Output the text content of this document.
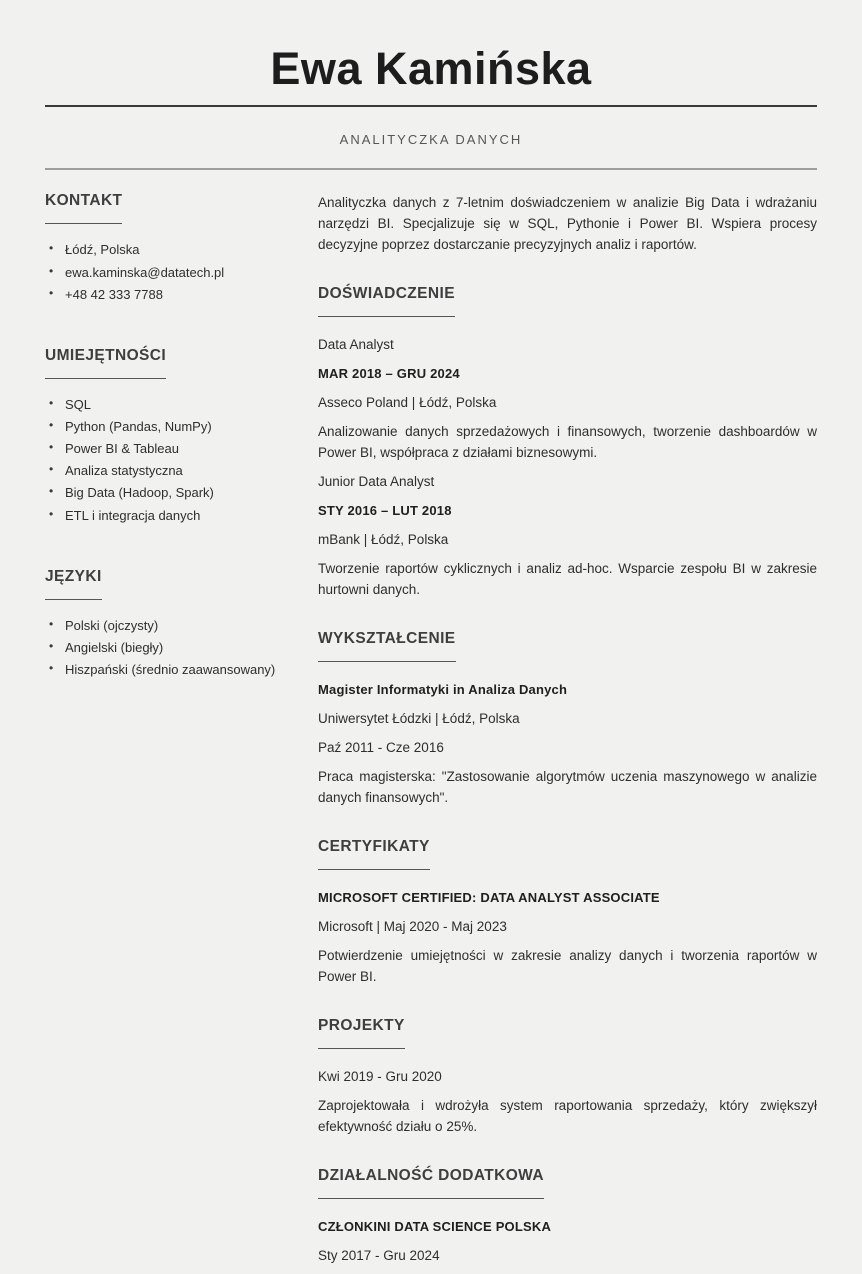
Ewa Kamińska
ANALITYCZKA DANYCH
KONTAKT
• Łódź, Polska
• ewa.kaminska@datatech.pl
• +48 42 333 7788
UMIEJĘTNOŚCI
• SQL
• Python (Pandas, NumPy)
• Power BI & Tableau
• Analiza statystyczna
• Big Data (Hadoop, Spark)
• ETL i integracja danych
JĘZYKI
• Polski (ojczysty)
• Angielski (biegły)
• Hiszpański (średnio zaawansowany)

Analityczka danych z 7-letnim doświadczeniem w analizie Big Data i wdrażaniu narzędzi BI. Specjalizuje się w SQL, Pythonie i Power BI. Wspiera procesy decyzyjne poprzez dostarczanie precyzyjnych analiz i raportów.

DOŚWIADCZENIE

Data Analyst

MAR 2018 – GRU 2024

Asseco Poland | Łódź, Polska

Analizowanie danych sprzedażowych i finansowych, tworzenie dashboardów w Power BI, współpraca z działami biznesowymi.

Junior Data Analyst

STY 2016 – LUT 2018

mBank | Łódź, Polska

Tworzenie raportów cyklicznych i analiz ad-hoc. Wsparcie zespołu BI w zakresie hurtowni danych.

WYKSZTAŁCENIE

Magister Informatyki in Analiza Danych

Uniwersytet Łódzki | Łódź, Polska

Paź 2011 - Cze 2016

Praca magisterska: "Zastosowanie algorytmów uczenia maszynowego w analizie danych finansowych".

CERTYFIKATY

MICROSOFT CERTIFIED: DATA ANALYST ASSOCIATE

Microsoft | Maj 2020 - Maj 2023

Potwierdzenie umiejętności w zakresie analizy danych i tworzenia raportów w Power BI.

PROJEKTY

Kwi 2019 - Gru 2020

Zaprojektowała i wdrożyła system raportowania sprzedaży, który zwiększył efektywność działu o 25%.

DZIAŁALNOŚĆ DODATKOWA

CZŁONKINI DATA SCIENCE POLSKA

Sty 2017 - Gru 2024
